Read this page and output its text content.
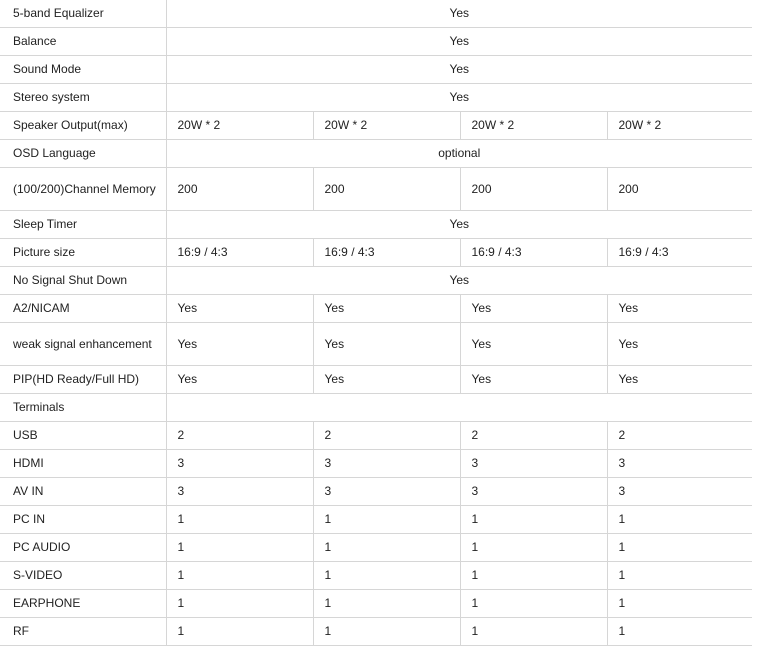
5-band Equalizer	Yes			
Balance	Yes			
Sound Mode	Yes			
Stereo system	Yes			
Speaker Output(max)	20W * 2	20W * 2	20W * 2	20W * 2
OSD Language	optional			
(100/200)Channel Memory	200	200	200	200
Sleep Timer	Yes			
Picture size	16:9 / 4:3	16:9 / 4:3	16:9 / 4:3	16:9 / 4:3
No Signal Shut Down	Yes			
A2/NICAM	Yes	Yes	Yes	Yes
weak signal enhancement	Yes	Yes	Yes	Yes
PIP(HD Ready/Full HD)	Yes	Yes	Yes	Yes
Terminals				
USB	2	2	2	2
HDMI	3	3	3	3
AV IN	3	3	3	3
PC IN	1	1	1	1
PC AUDIO	1	1	1	1
S-VIDEO	1	1	1	1
EARPHONE	1	1	1	1
RF	1	1	1	1
